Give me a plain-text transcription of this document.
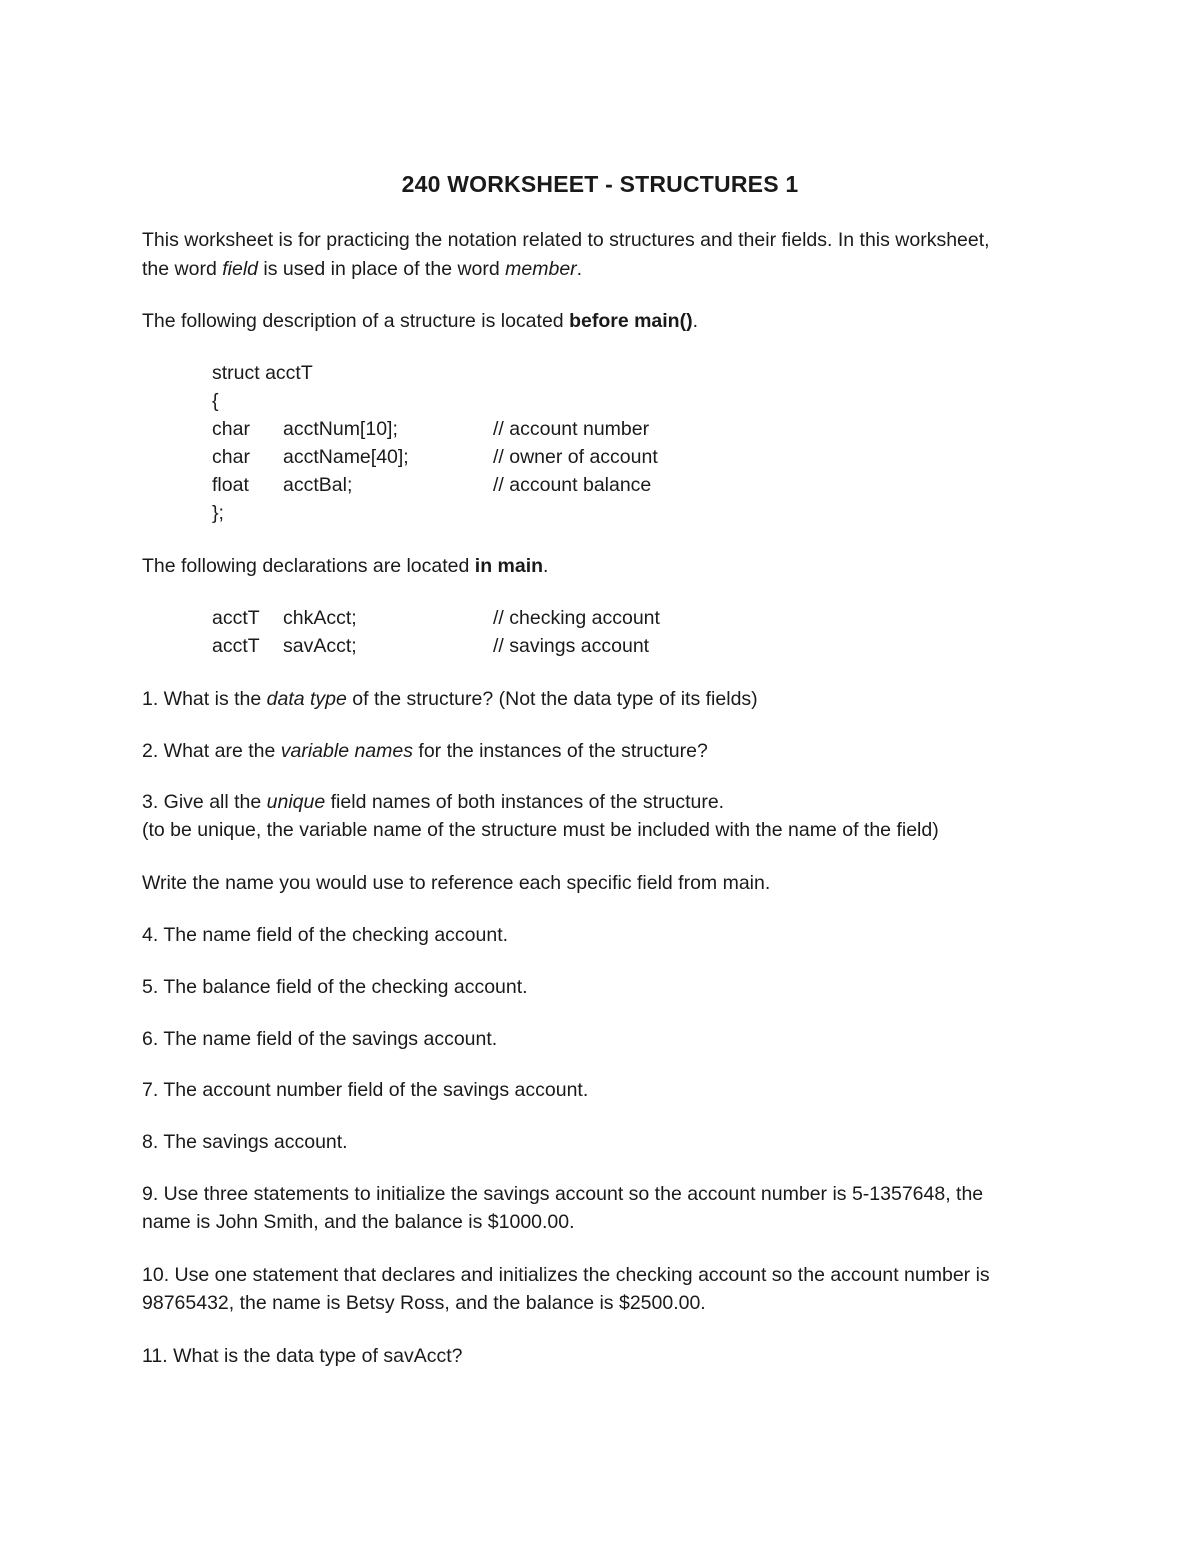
240 WORKSHEET - STRUCTURES 1
This worksheet is for practicing the notation related to structures and their fields. In this worksheet,
the word field is used in place of the word member.
The following description of a structure is located before main().
struct acctT
{
char acctNum[10];	// account number
char acctName[40];	// owner of account
float acctBal;	// account balance
};
The following declarations are located in main.
acctT chkAcct;	// checking account
acctT savAcct;	// savings account
1. What is the data type of the structure? (Not the data type of its fields)
2. What are the variable names for the instances of the structure?
3. Give all the unique field names of both instances of the structure.
(to be unique, the variable name of the structure must be included with the name of the field)
Write the name you would use to reference each specific field from main.
4. The name field of the checking account.
5. The balance field of the checking account.
6. The name field of the savings account.
7. The account number field of the savings account.
8. The savings account.
9. Use three statements to initialize the savings account so the account number is 5-1357648, the
name is John Smith, and the balance is $1000.00.
10. Use one statement that declares and initializes the checking account so the account number is
98765432, the name is Betsy Ross, and the balance is $2500.00.
11. What is the data type of savAcct?
